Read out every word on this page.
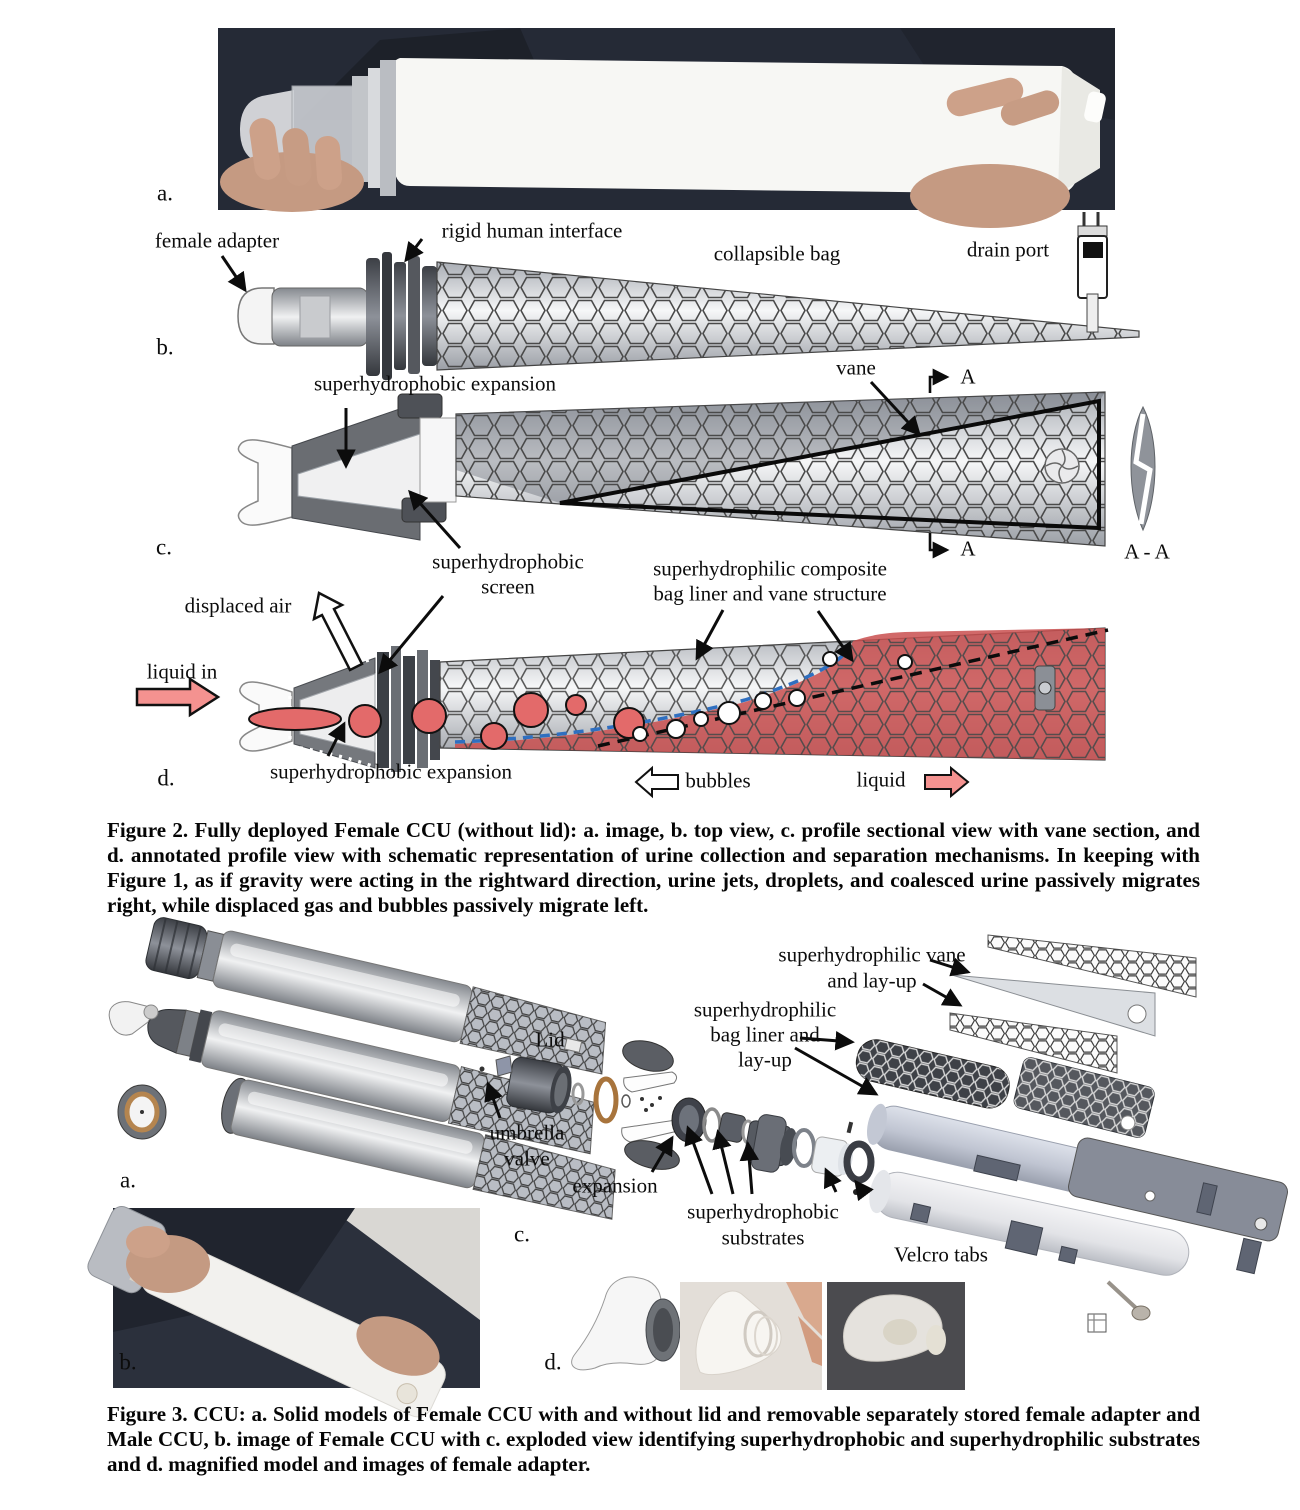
a.
female adapter	rigid human interface
collapsible bag	drain port
b.
superhydrophobic expansion
vane	A
A	A - A
c.
superhydrophobic
screen
superhydrophilic composite
bag liner and vane structure
displaced air
liquid in
superhydrophobic expansion	bubbles	liquid
d.
Figure 2. Fully deployed Female CCU (without lid): a. image, b. top view, c. profile sectional view with vane section, and d. annotated profile view with schematic representation of urine collection and separation mechanisms. In keeping with Figure 1, as if gravity were acting in the rightward direction, urine jets, droplets, and coalesced urine passively migrates right, while displaced gas and bubbles passively migrate left.
superhydrophilic vane
and lay-up
superhydrophilic
bag liner and
lay-up
Lid
umbrella
valve
expansion
superhydrophobic
substrates
Velcro tabs
a.
b.
c.
d.
Figure 3. CCU: a. Solid models of Female CCU with and without lid and removable separately stored female adapter and Male CCU, b. image of Female CCU with c. exploded view identifying superhydrophobic and superhydrophilic substrates and d. magnified model and images of female adapter.
